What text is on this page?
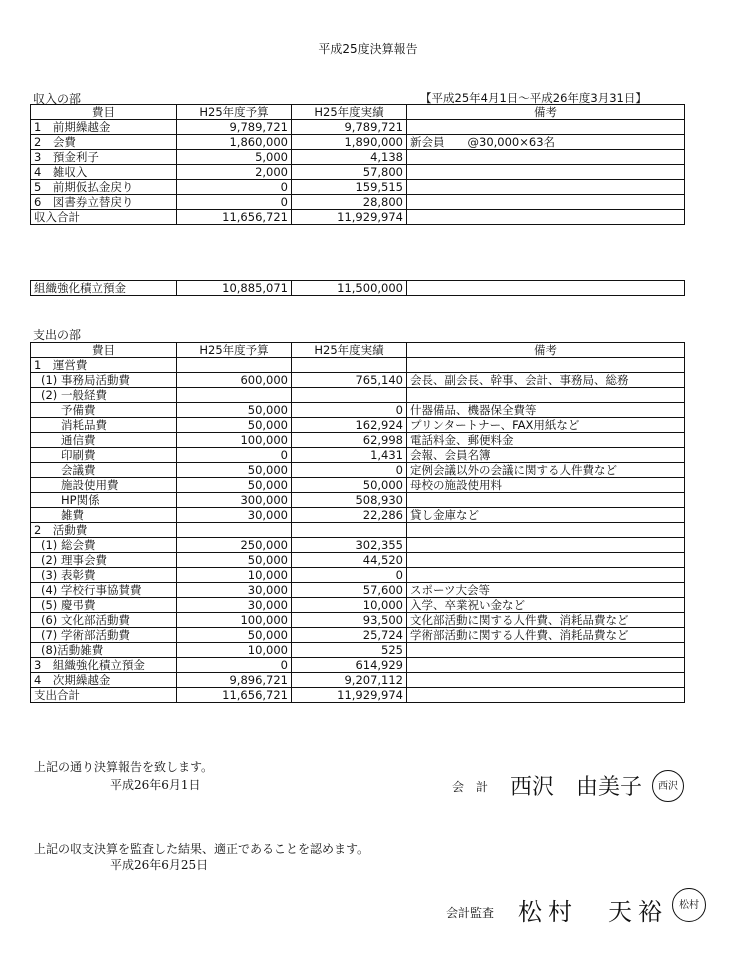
平成25度決算報告
収入の部	【平成25年4月1日～平成26年度3月31日】
費目	H25年度予算	H25年度実績	備考
1　前期繰越金	9,789,721	9,789,721	
2　会費	1,860,000	1,890,000	新会員　　@30,000×63名
3　預金利子	5,000	4,138	
4　雑収入	2,000	57,800	
5　前期仮払金戻り	0	159,515	
6　図書券立替戻り	0	28,800	
収入合計	11,656,721	11,929,974	
組織強化積立預金	10,885,071	11,500,000	
支出の部
費目	H25年度予算	H25年度実績	備考
1　運営費			
(1) 事務局活動費	600,000	765,140	会長、副会長、幹事、会計、事務局、総務
(2) 一般経費			
予備費	50,000	0	什器備品、機器保全費等
消耗品費	50,000	162,924	プリンタートナー、FAX用紙など
通信費	100,000	62,998	電話料金、郵便料金
印刷費	0	1,431	会報、会員名簿
会議費	50,000	0	定例会議以外の会議に関する人件費など
施設使用費	50,000	50,000	母校の施設使用料
HP関係	300,000	508,930	
雑費	30,000	22,286	貸し金庫など
2　活動費			
(1) 総会費	250,000	302,355	
(2) 理事会費	50,000	44,520	
(3) 表彰費	10,000	0	
(4) 学校行事協賛費	30,000	57,600	スポーツ大会等
(5) 慶弔費	30,000	10,000	入学、卒業祝い金など
(6) 文化部活動費	100,000	93,500	文化部活動に関する人件費、消耗品費など
(7) 学術部活動費	50,000	25,724	学術部活動に関する人件費、消耗品費など
(8)活動雑費	10,000	525	
3　組織強化積立預金	0	614,929	
4　次期繰越金	9,896,721	9,207,112	
支出合計	11,656,721	11,929,974	
上記の通り決算報告を致します。
平成26年6月1日	会　計 西沢　由美子	西沢
上記の収支決算を監査した結果、適正であることを認めます。
平成26年6月25日
会計監査 松村　天裕	松村
